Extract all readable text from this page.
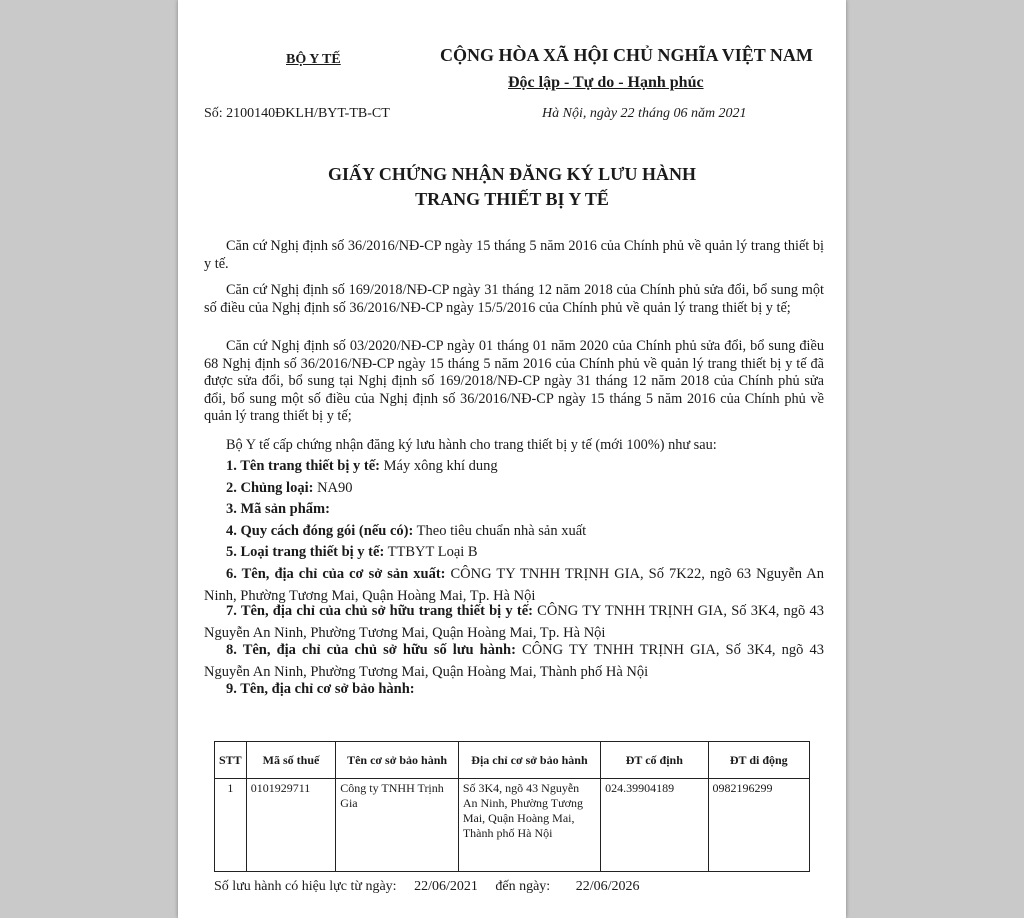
BỘ Y TẾ	CỘNG HÒA XÃ HỘI CHỦ NGHĨA VIỆT NAM
Độc lập - Tự do - Hạnh phúc
Số: 2100140ĐKLH/BYT-TB-CT	Hà Nội, ngày 22 tháng 06 năm 2021
GIẤY CHỨNG NHẬN ĐĂNG KÝ LƯU HÀNH
TRANG THIẾT BỊ Y TẾ
Căn cứ Nghị định số 36/2016/NĐ-CP ngày 15 tháng 5 năm 2016 của Chính phủ về quản lý trang thiết bị y tế.
Căn cứ Nghị định số 169/2018/NĐ-CP ngày 31 tháng 12 năm 2018 của Chính phủ sửa đổi, bổ sung một số điều của Nghị định số 36/2016/NĐ-CP ngày 15/5/2016 của Chính phủ về quản lý trang thiết bị y tế;
Căn cứ Nghị định số 03/2020/NĐ-CP ngày 01 tháng 01 năm 2020 của Chính phủ sửa đổi, bổ sung điều 68 Nghị định số 36/2016/NĐ-CP ngày 15 tháng 5 năm 2016 của Chính phủ về quản lý trang thiết bị y tế đã được sửa đổi, bổ sung tại Nghị định số 169/2018/NĐ-CP ngày 31 tháng 12 năm 2018 của Chính phủ sửa đổi, bổ sung một số điều của Nghị định số 36/2016/NĐ-CP ngày 15 tháng 5 năm 2016 của Chính phủ về quản lý trang thiết bị y tế;
Bộ Y tế cấp chứng nhận đăng ký lưu hành cho trang thiết bị y tế (mới 100%) như sau:
1. Tên trang thiết bị y tế: Máy xông khí dung
2. Chủng loại: NA90
3. Mã sản phẩm:
4. Quy cách đóng gói (nếu có): Theo tiêu chuẩn nhà sản xuất
5. Loại trang thiết bị y tế: TTBYT Loại B
6. Tên, địa chỉ của cơ sở sản xuất: CÔNG TY TNHH TRỊNH GIA, Số 7K22, ngõ 63 Nguyễn An Ninh, Phường Tương Mai, Quận Hoàng Mai, Tp. Hà Nội
7. Tên, địa chỉ của chủ sở hữu trang thiết bị y tế: CÔNG TY TNHH TRỊNH GIA, Số 3K4, ngõ 43 Nguyễn An Ninh, Phường Tương Mai, Quận Hoàng Mai, Tp. Hà Nội
8. Tên, địa chỉ của chủ sở hữu số lưu hành: CÔNG TY TNHH TRỊNH GIA, Số 3K4, ngõ 43 Nguyễn An Ninh, Phường Tương Mai, Quận Hoàng Mai, Thành phố Hà Nội
9. Tên, địa chỉ cơ sở bảo hành:
STT	Mã số thuế	Tên cơ sở bảo hành	Địa chỉ cơ sở bảo hành	ĐT cố định	ĐT di động
1	0101929711	Công ty TNHH Trịnh Gia	Số 3K4, ngõ 43 Nguyễn An Ninh, Phường Tương Mai, Quận Hoàng Mai, Thành phố Hà Nội	024.39904189	0982196299
Số lưu hành có hiệu lực từ ngày: 22/06/2021 đến ngày: 22/06/2026
